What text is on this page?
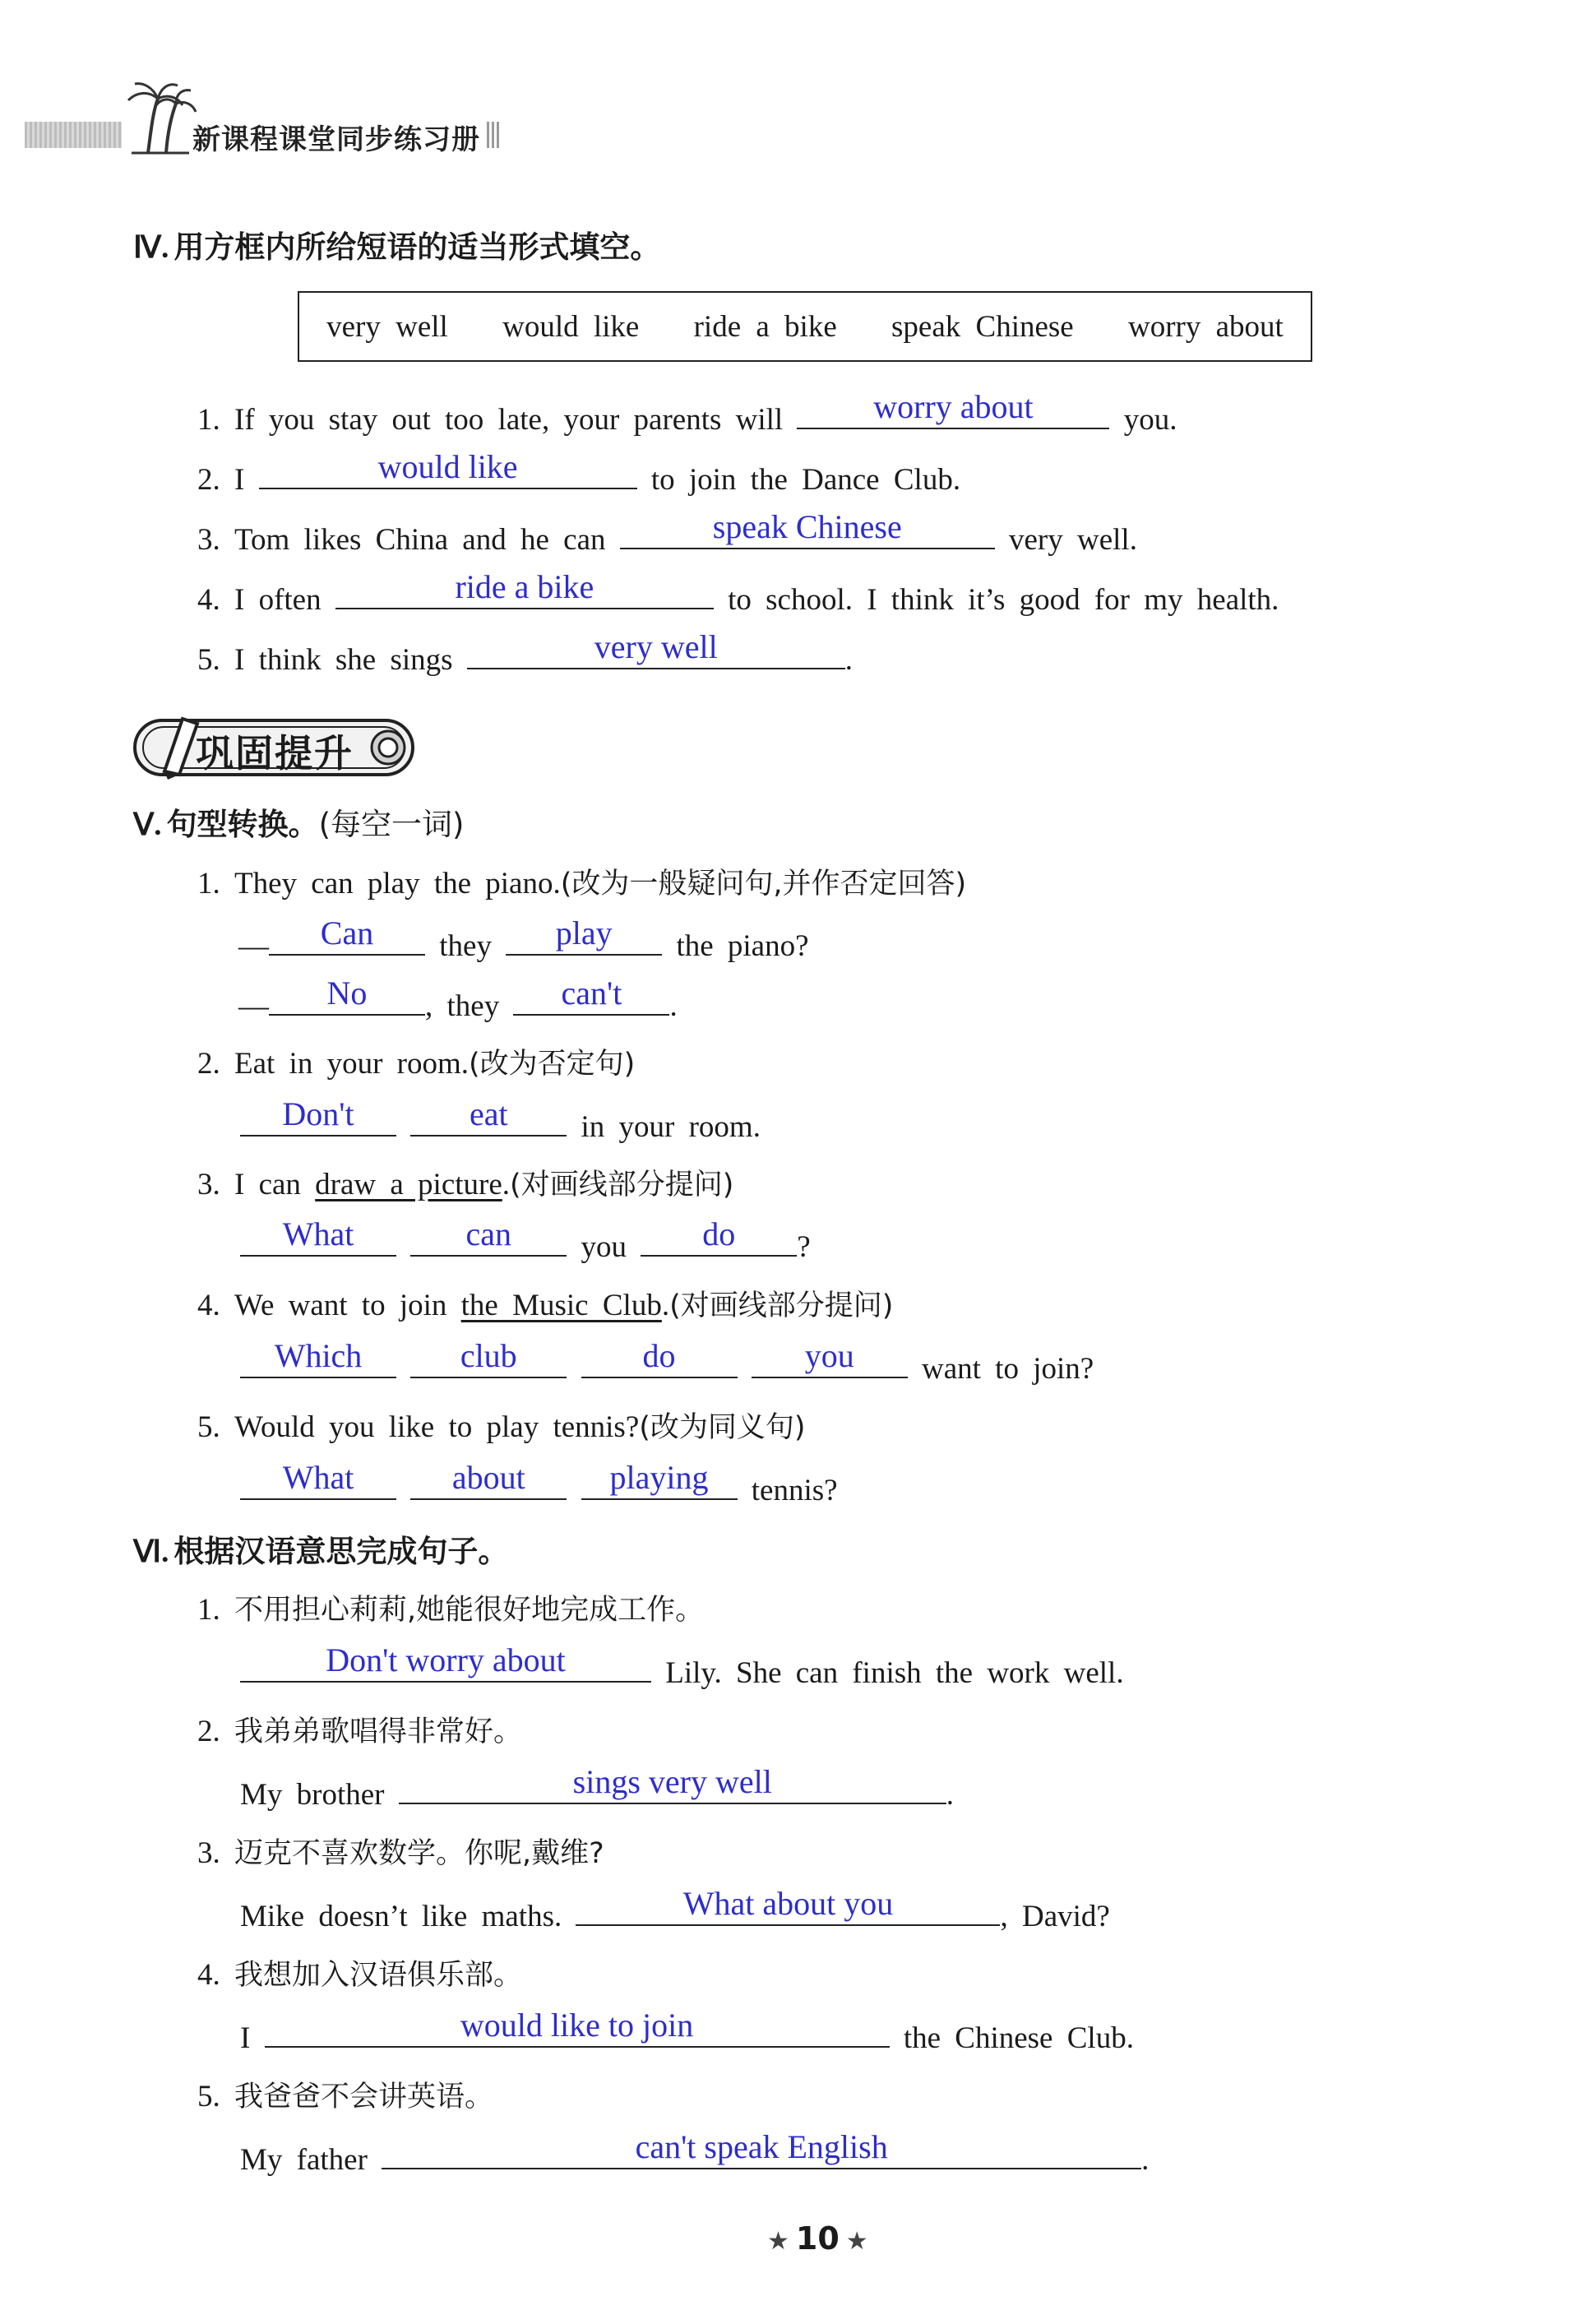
新课程课堂同步练习册
Ⅳ. 用方框内所给短语的适当形式填空。
very well would like ride a bike speak Chinese worry about
1. If you stay out too late, your parents will	worry about	you.
2. I	would like	to join the Dance Club.
3. Tom likes China and he can	speak Chinese	very well.
4. I often	ride a bike	to school. I think it’s good for my health.
5. I think she sings	very well	.
巩固提升
Ⅴ. 句型转换。(每空一词)
1. They can play the piano.(改为一般疑问句,并作否定回答)
—	Can	they	play	the piano?
—	No	, they	can't	.
2. Eat in your room.(改为否定句)
Don't
	eat	in your room.
3. I can draw a picture.(对画线部分提问)
What
	can	you	do	?
4. We want to join the Music Club.(对画线部分提问)
Which
	club
	do
	you	want to join?
5. Would you like to play tennis?(改为同义句)
What
	about
	playing	tennis?
Ⅵ. 根据汉语意思完成句子。
1. 不用担心莉莉,她能很好地完成工作。
Don't worry about	Lily. She can finish the work well.
2. 我弟弟歌唱得非常好。
My brother	sings very well	.
3. 迈克不喜欢数学。你呢,戴维?
Mike doesn’t like maths.	What about you	, David?
4. 我想加入汉语俱乐部。
I	would like to join	the Chinese Club.
5. 我爸爸不会讲英语。
My father	can't speak English	.
★ 10 ★
